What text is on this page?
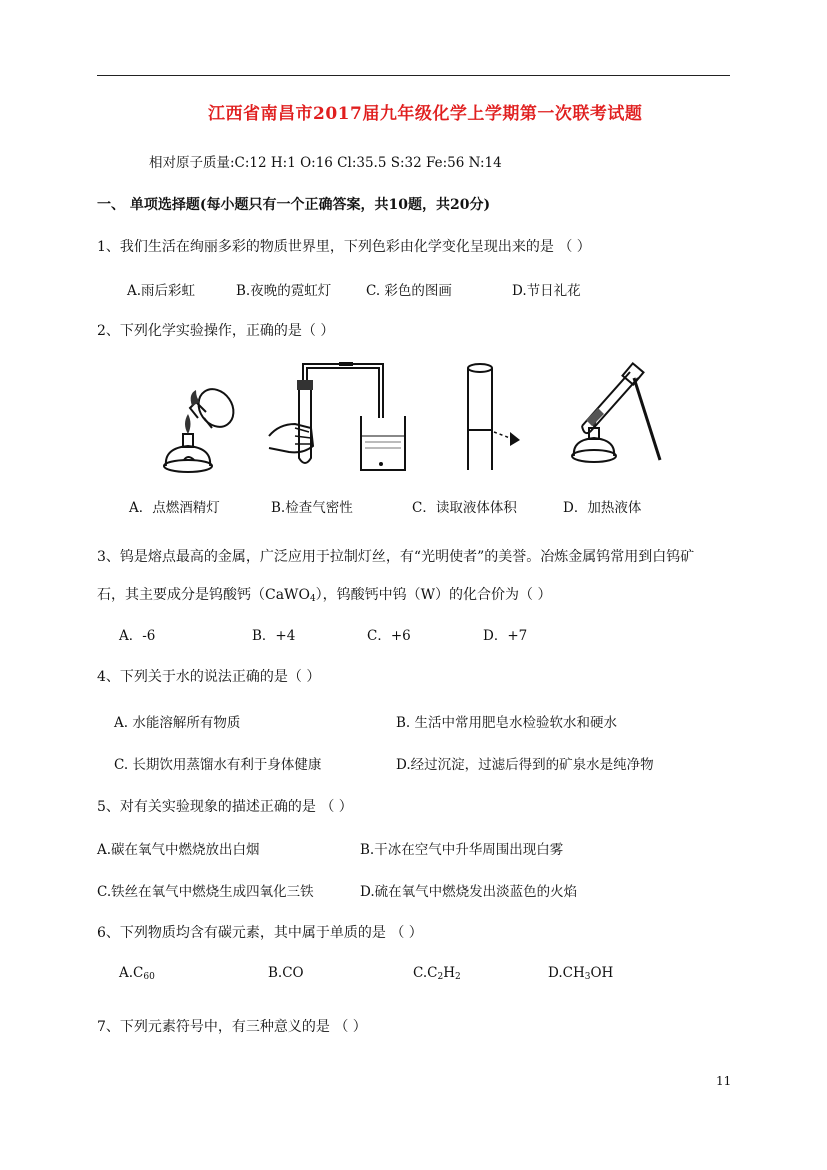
江西省南昌市2017届九年级化学上学期第一次联考试题
相对原子质量:C:12 H:1 O:16 Cl:35.5 S:32 Fe:56 N:14
一、 单项选择题(每小题只有一个正确答案，共10题，共20分)
1、我们生活在绚丽多彩的物质世界里，下列色彩由化学变化呈现出来的是 （ ）
A.雨后彩虹	B.夜晚的霓虹灯	C. 彩色的图画	D.节日礼花
2、下列化学实验操作，正确的是（ ）
A．点燃酒精灯	B.检查气密性	C．读取液体体积	D．加热液体
3、钨是熔点最高的金属，广泛应用于拉制灯丝，有“光明使者”的美誉。冶炼金属钨常用到白钨矿
石，其主要成分是钨酸钙（CaWO$_4$），钨酸钙中钨（W）的化合价为（ ）
A．-6	B．+4	C．+6	D．+7
4、下列关于水的说法正确的是（ ）
A. 水能溶解所有物质	B. 生活中常用肥皂水检验软水和硬水
C. 长期饮用蒸馏水有利于身体健康	D.经过沉淀，过滤后得到的矿泉水是纯净物
5、对有关实验现象的描述正确的是 （ ）
A.碳在氧气中燃烧放出白烟	B.干冰在空气中升华周围出现白雾
C.铁丝在氧气中燃烧生成四氧化三铁	D.硫在氧气中燃烧发出淡蓝色的火焰
6、下列物质均含有碳元素，其中属于单质的是 （ ）
$A.C_{60}$	B.CO	$C.C_2H_2$	$D.CH_3OH$
7、下列元素符号中，有三种意义的是 （ ）
11
